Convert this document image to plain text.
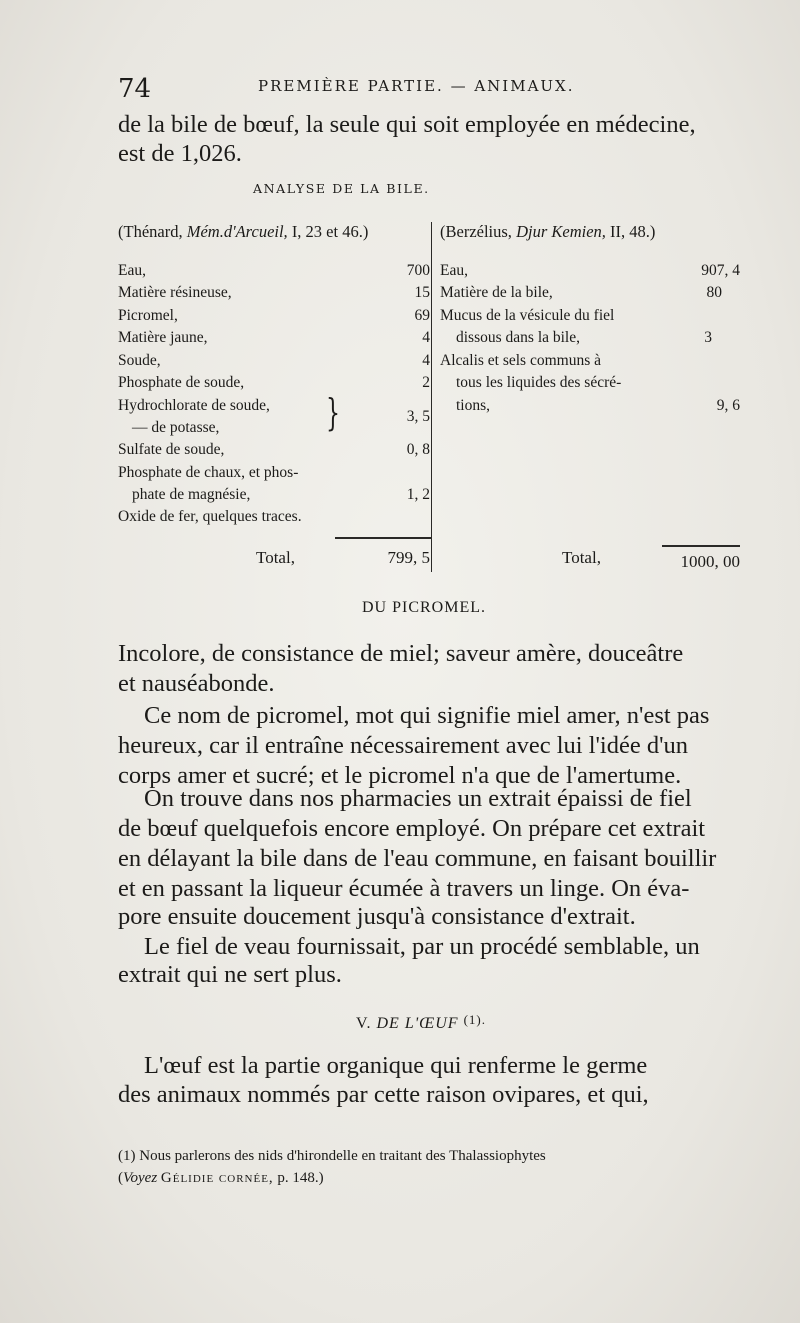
74	PREMIÈRE PARTIE. — ANIMAUX.
de la bile de bœuf, la seule qui soit employée en médecine,
est de 1,026.
ANALYSE DE LA BILE.
(Thénard, Mém.d'Arcueil, I, 23 et 46.)
Eau,	700
Matière résineuse,	15
Picromel,	69
Matière jaune,	4
Soude,	4
Phosphate de soude,	2
Hydrochlorate de soude,
— de potasse,	}	3, 5
Sulfate de soude,	0, 8
Phosphate de chaux, et phos-
phate de magnésie,	1, 2
Oxide de fer, quelques traces.
Total,	799, 5
(Berzélius, Djur Kemien, II, 48.)
Eau,	907, 4
Matière de la bile,	80
Mucus de la vésicule du fiel
dissous dans la bile,	3
Alcalis et sels communs à
tous les liquides des sécré-
tions,	9, 6
Total,	1000, 00
DU PICROMEL.
Incolore, de consistance de miel; saveur amère, douceâtre
et nauséabonde.
Ce nom de picromel, mot qui signifie miel amer, n'est pas
heureux, car il entraîne nécessairement avec lui l'idée d'un
corps amer et sucré; et le picromel n'a que de l'amertume.
On trouve dans nos pharmacies un extrait épaissi de fiel
de bœuf quelquefois encore employé. On prépare cet extrait
en délayant la bile dans de l'eau commune, en faisant bouillir
et en passant la liqueur écumée à travers un linge. On éva-
pore ensuite doucement jusqu'à consistance d'extrait.
Le fiel de veau fournissait, par un procédé semblable, un
extrait qui ne sert plus.
V. DE L'ŒUF $^{(1).}$
L'œuf est la partie organique qui renferme le germe
des animaux nommés par cette raison ovipares, et qui,
(1) Nous parlerons des nids d'hirondelle en traitant des Thalassiophytes
(Voyez Gélidie cornée, p. 148.)
